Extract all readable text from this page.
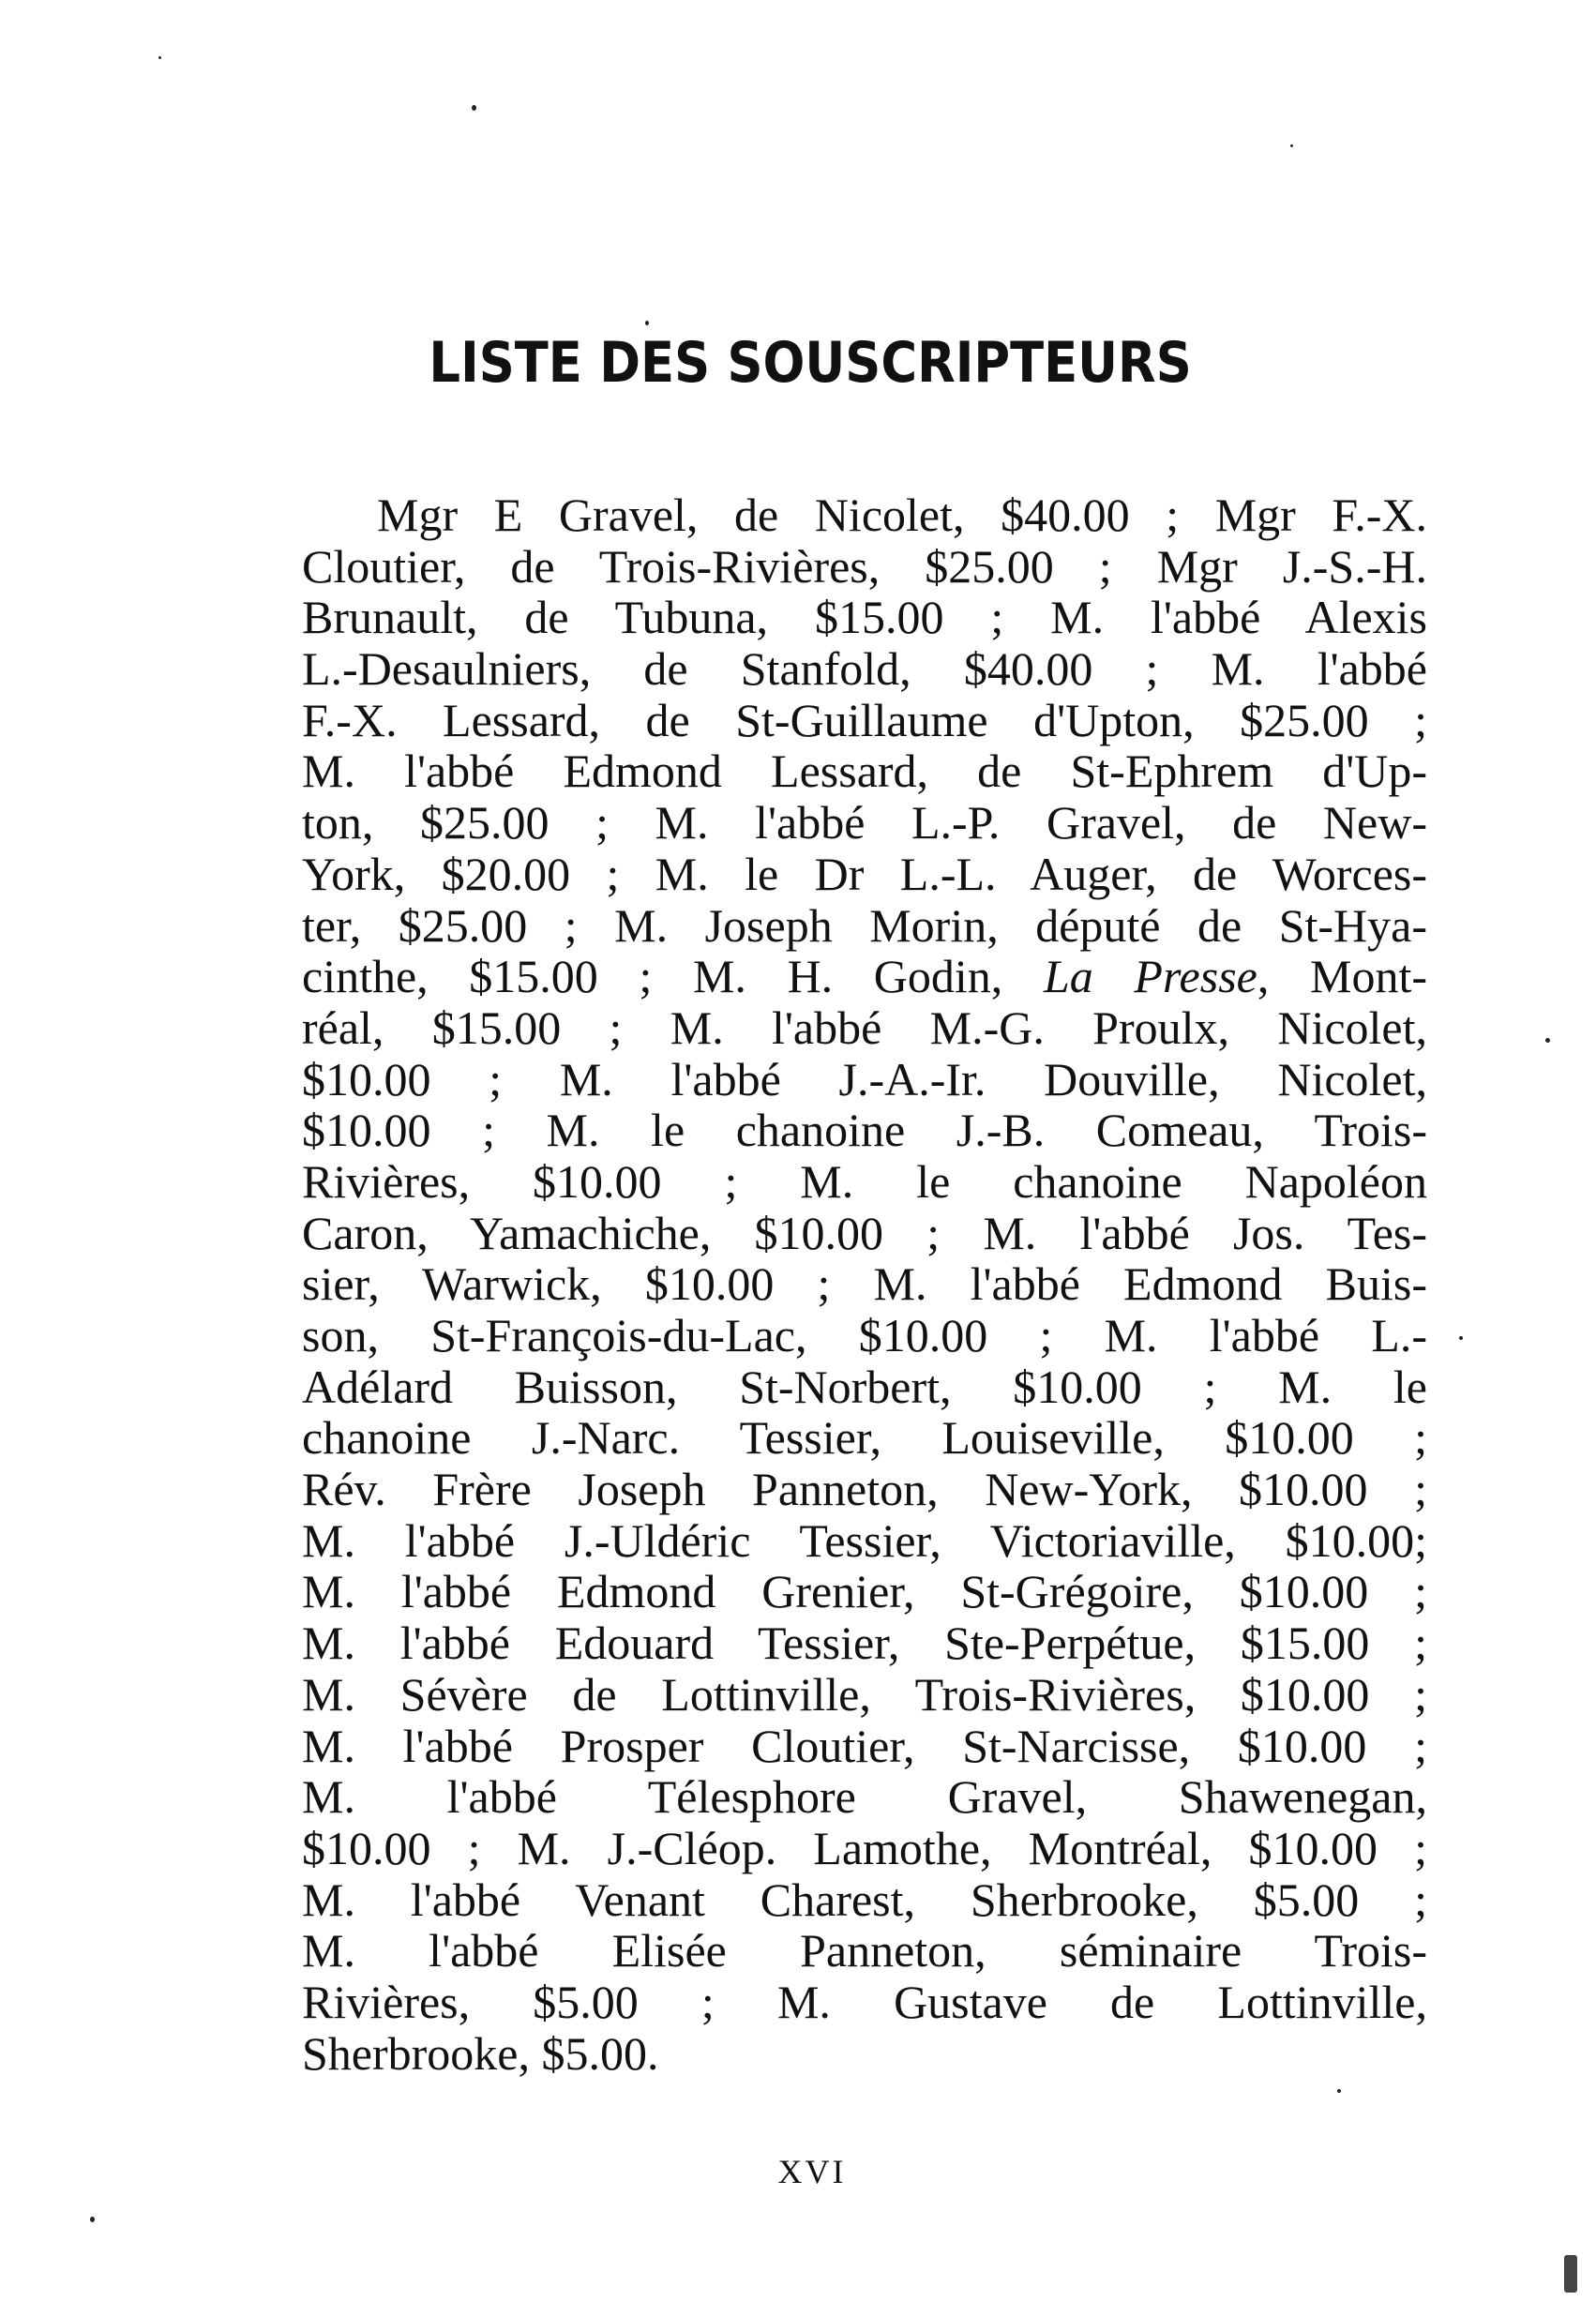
LISTE DES SOUSCRIPTEURS
Mgr E Gravel, de Nicolet, $40.00 ; Mgr F.-X.
Cloutier, de Trois-Rivières, $25.00 ; Mgr J.-S.-H.
Brunault, de Tubuna, $15.00 ; M. l'abbé Alexis
L.-Desaulniers, de Stanfold, $40.00 ; M. l'abbé
F.-X. Lessard, de St-Guillaume d'Upton, $25.00 ;
M. l'abbé Edmond Lessard, de St-Ephrem d'Up-
ton, $25.00 ; M. l'abbé L.-P. Gravel, de New-
York, $20.00 ; M. le Dr L.-L. Auger, de Worces-
ter, $25.00 ; M. Joseph Morin, député de St-Hya-
cinthe, $15.00 ; M. H. Godin, La Presse, Mont-
réal, $15.00 ; M. l'abbé M.-G. Proulx, Nicolet,
$10.00 ; M. l'abbé J.-A.-Ir. Douville, Nicolet,
$10.00 ; M. le chanoine J.-B. Comeau, Trois-
Rivières, $10.00 ; M. le chanoine Napoléon
Caron, Yamachiche, $10.00 ; M. l'abbé Jos. Tes-
sier, Warwick, $10.00 ; M. l'abbé Edmond Buis-
son, St-François-du-Lac, $10.00 ; M. l'abbé L.-
Adélard Buisson, St-Norbert, $10.00 ; M. le
chanoine J.-Narc. Tessier, Louiseville, $10.00 ;
Rév. Frère Joseph Panneton, New-York, $10.00 ;
M. l'abbé J.-Uldéric Tessier, Victoriaville, $10.00;
M. l'abbé Edmond Grenier, St-Grégoire, $10.00 ;
M. l'abbé Edouard Tessier, Ste-Perpétue, $15.00 ;
M. Sévère de Lottinville, Trois-Rivières, $10.00 ;
M. l'abbé Prosper Cloutier, St-Narcisse, $10.00 ;
M. l'abbé Télesphore Gravel, Shawenegan,
$10.00 ; M. J.-Cléop. Lamothe, Montréal, $10.00 ;
M. l'abbé Venant Charest, Sherbrooke, $5.00 ;
M. l'abbé Elisée Panneton, séminaire Trois-
Rivières, $5.00 ; M. Gustave de Lottinville,
Sherbrooke, $5.00.
XVI
